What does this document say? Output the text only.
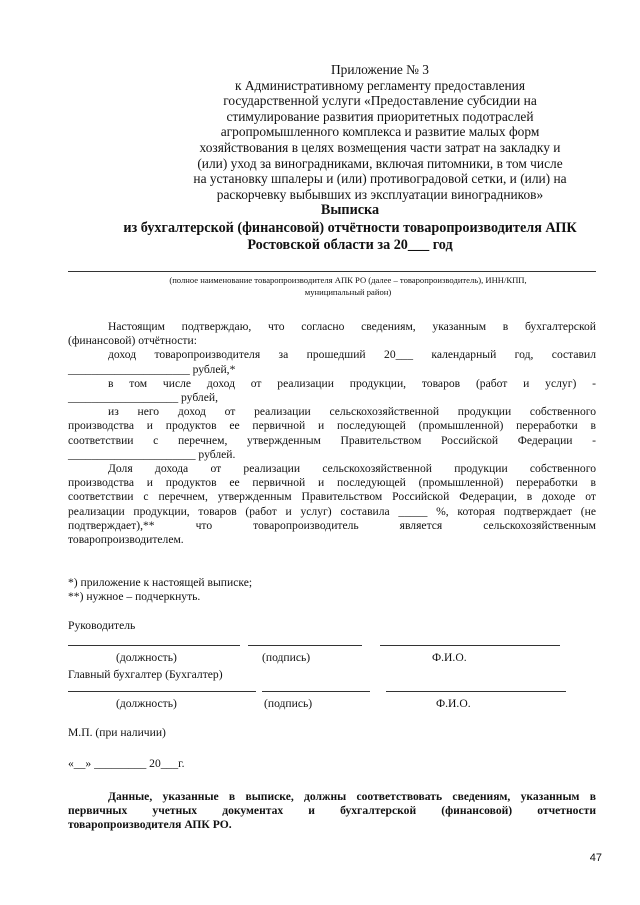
Приложение № 3
к Административному регламенту предоставления
государственной услуги «Предоставление субсидии на
стимулирование развития приоритетных подотраслей
агропромышленного комплекса и развитие малых форм
хозяйствования в целях возмещения части затрат на закладку и
(или) уход за виноградниками, включая питомники, в том числе
на установку шпалеры и (или) противоградовой сетки, и (или) на
раскорчевку выбывших из эксплуатации виноградников»
Выписка
из бухгалтерской (финансовой) отчётности товаропроизводителя АПК
Ростовской области за 20___ год
(полное наименование товаропроизводителя АПК РО (далее – товаропроизводитель), ИНН/КПП,
муниципальный район)
Настоящим подтверждаю, что согласно сведениям, указанным в бухгалтерской
(финансовой) отчётности:
доход товаропроизводителя за прошедший 20___ календарный год, составил
_____________________ рублей,*
в том числе доход от реализации продукции, товаров (работ и услуг) -
___________________ рублей,
из него доход от реализации сельскохозяйственной продукции собственного
производства и продуктов ее первичной и последующей (промышленной) переработки в
соответствии с перечнем, утвержденным Правительством Российской Федерации -
______________________ рублей.
Доля дохода от реализации сельскохозяйственной продукции собственного
производства и продуктов ее первичной и последующей (промышленной) переработки в
соответствии с перечнем, утвержденным Правительством Российской Федерации, в доходе от
реализации продукции, товаров (работ и услуг) составила _____ %, которая подтверждает (не
подтверждает),** что товаропроизводитель является сельскохозяйственным
товаропроизводителем.
*) приложение к настоящей выписке;
**) нужное – подчеркнуть.
Руководитель
(должность)	(подпись)	Ф.И.О.
Главный бухгалтер (Бухгалтер)
(должность)	(подпись)	Ф.И.О.
М.П. (при наличии)
«__» _________ 20___г.
Данные, указанные в выписке, должны соответствовать сведениям, указанным в
первичных учетных документах и бухгалтерской (финансовой) отчетности
товаропроизводителя АПК РО.
47
